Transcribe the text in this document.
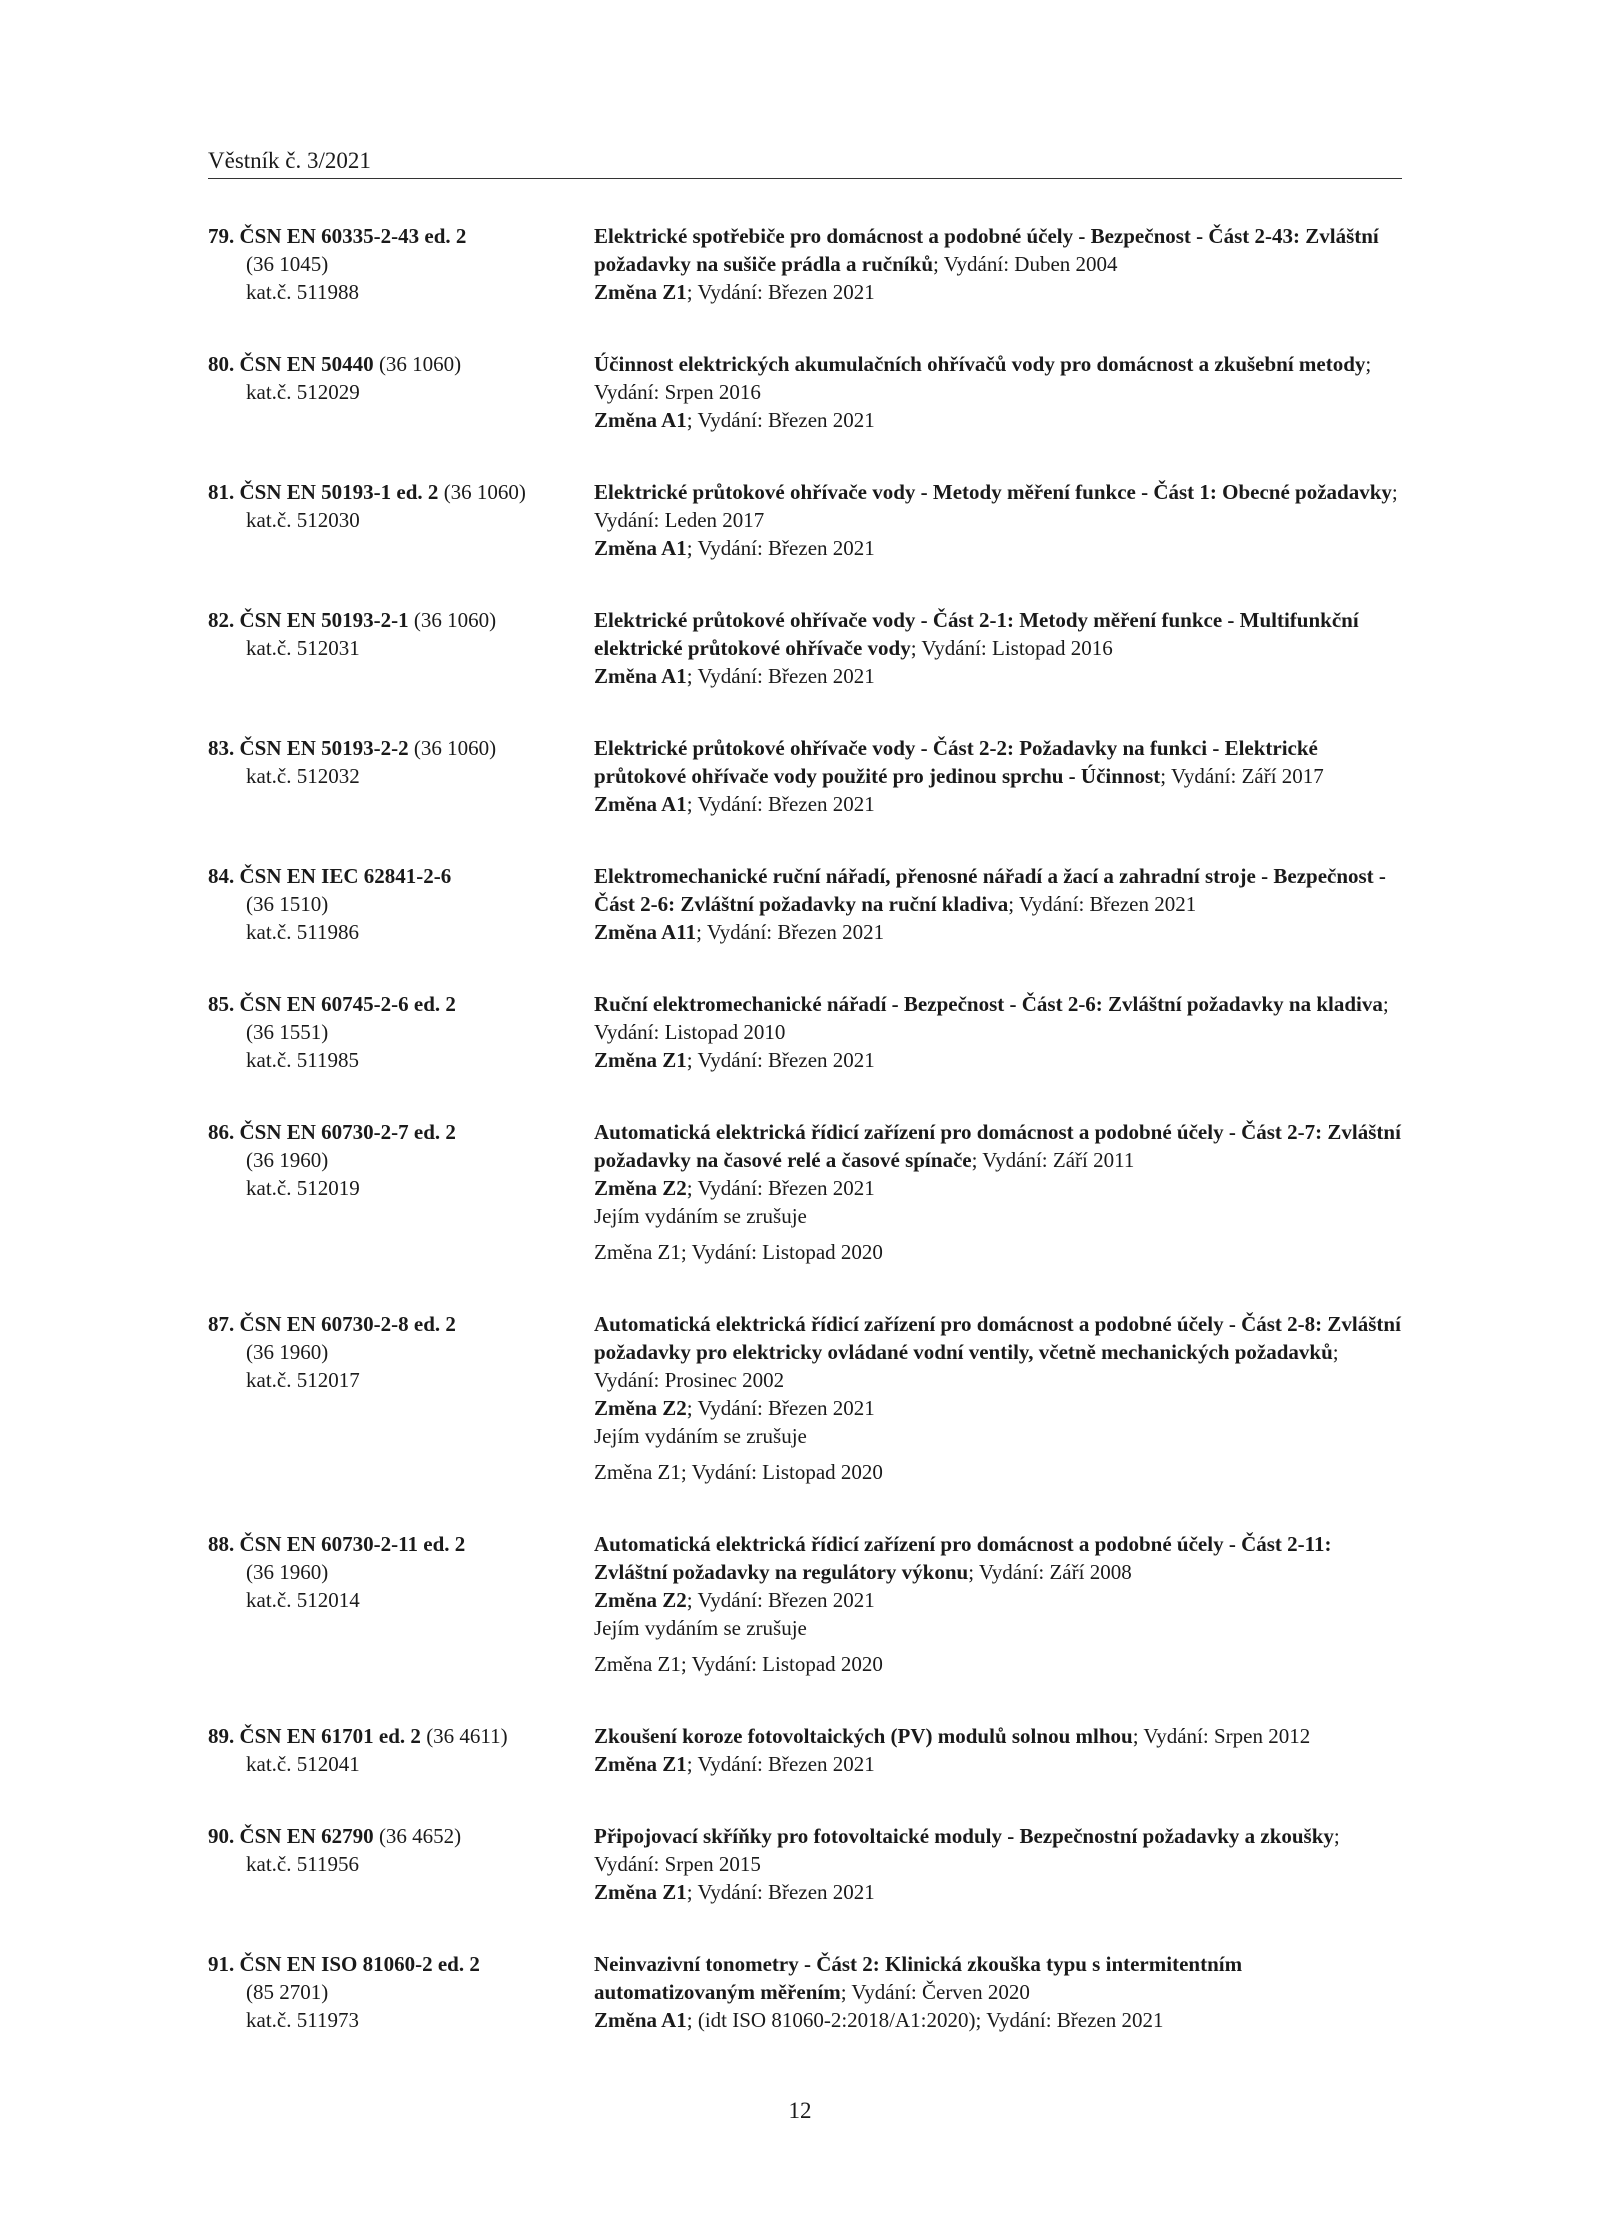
Věstník č. 3/2021
79. ČSN EN 60335-2-43 ed. 2
(36 1045)
kat.č. 511988
Elektrické spotřebiče pro domácnost a podobné účely - Bezpečnost - Část 2-43: Zvláštní požadavky na sušiče prádla a ručníků; Vydání: Duben 2004
Změna Z1; Vydání: Březen 2021
80. ČSN EN 50440 (36 1060)
kat.č. 512029
Účinnost elektrických akumulačních ohřívačů vody pro domácnost a zkušební metody; Vydání: Srpen 2016
Změna A1; Vydání: Březen 2021
81. ČSN EN 50193-1 ed. 2 (36 1060)
kat.č. 512030
Elektrické průtokové ohřívače vody - Metody měření funkce - Část 1: Obecné požadavky; Vydání: Leden 2017
Změna A1; Vydání: Březen 2021
82. ČSN EN 50193-2-1 (36 1060)
kat.č. 512031
Elektrické průtokové ohřívače vody - Část 2-1: Metody měření funkce - Multifunkční elektrické průtokové ohřívače vody; Vydání: Listopad 2016
Změna A1; Vydání: Březen 2021
83. ČSN EN 50193-2-2 (36 1060)
kat.č. 512032
Elektrické průtokové ohřívače vody - Část 2-2: Požadavky na funkci - Elektrické průtokové ohřívače vody použité pro jedinou sprchu - Účinnost; Vydání: Září 2017
Změna A1; Vydání: Březen 2021
84. ČSN EN IEC 62841-2-6
(36 1510)
kat.č. 511986
Elektromechanické ruční nářadí, přenosné nářadí a žací a zahradní stroje - Bezpečnost - Část 2-6: Zvláštní požadavky na ruční kladiva; Vydání: Březen 2021
Změna A11; Vydání: Březen 2021
85. ČSN EN 60745-2-6 ed. 2
(36 1551)
kat.č. 511985
Ruční elektromechanické nářadí - Bezpečnost - Část 2-6: Zvláštní požadavky na kladiva; Vydání: Listopad 2010
Změna Z1; Vydání: Březen 2021
86. ČSN EN 60730-2-7 ed. 2
(36 1960)
kat.č. 512019
Automatická elektrická řídicí zařízení pro domácnost a podobné účely - Část 2-7: Zvláštní požadavky na časové relé a časové spínače; Vydání: Září 2011
Změna Z2; Vydání: Březen 2021
Jejím vydáním se zrušuje
Změna Z1; Vydání: Listopad 2020
87. ČSN EN 60730-2-8 ed. 2
(36 1960)
kat.č. 512017
Automatická elektrická řídicí zařízení pro domácnost a podobné účely - Část 2-8: Zvláštní požadavky pro elektricky ovládané vodní ventily, včetně mechanických požadavků; Vydání: Prosinec 2002
Změna Z2; Vydání: Březen 2021
Jejím vydáním se zrušuje
Změna Z1; Vydání: Listopad 2020
88. ČSN EN 60730-2-11 ed. 2
(36 1960)
kat.č. 512014
Automatická elektrická řídicí zařízení pro domácnost a podobné účely - Část 2-11: Zvláštní požadavky na regulátory výkonu; Vydání: Září 2008
Změna Z2; Vydání: Březen 2021
Jejím vydáním se zrušuje
Změna Z1; Vydání: Listopad 2020
89. ČSN EN 61701 ed. 2 (36 4611)
kat.č. 512041
Zkoušení koroze fotovoltaických (PV) modulů solnou mlhou; Vydání: Srpen 2012
Změna Z1; Vydání: Březen 2021
90. ČSN EN 62790 (36 4652)
kat.č. 511956
Připojovací skříňky pro fotovoltaické moduly - Bezpečnostní požadavky a zkoušky; Vydání: Srpen 2015
Změna Z1; Vydání: Březen 2021
91. ČSN EN ISO 81060-2 ed. 2
(85 2701)
kat.č. 511973
Neinvazivní tonometry - Část 2: Klinická zkouška typu s intermitentním automatizovaným měřením; Vydání: Červen 2020
Změna A1; (idt ISO 81060-2:2018/A1:2020); Vydání: Březen 2021
12
